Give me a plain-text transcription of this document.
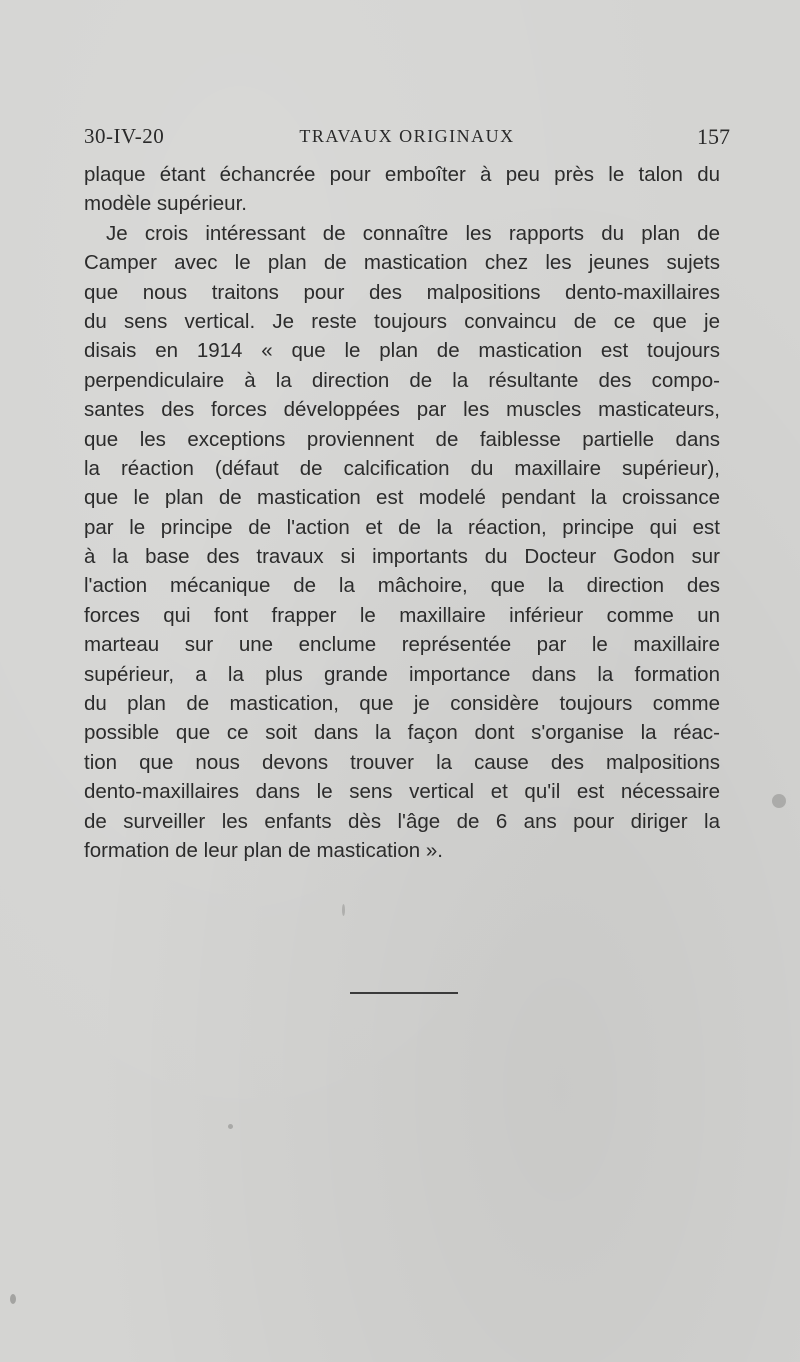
30-IV-20	TRAVAUX ORIGINAUX	157
plaque étant échancrée pour emboîter à peu près le talon du
modèle supérieur.
Je crois intéressant de connaître les rapports du plan de
Camper avec le plan de mastication chez les jeunes sujets
que nous traitons pour des malpositions dento-maxillaires
du sens vertical. Je reste toujours convaincu de ce que je
disais en 1914 « que le plan de mastication est toujours
perpendiculaire à la direction de la résultante des compo-
santes des forces développées par les muscles masticateurs,
que les exceptions proviennent de faiblesse partielle dans
la réaction (défaut de calcification du maxillaire supérieur),
que le plan de mastication est modelé pendant la croissance
par le principe de l'action et de la réaction, principe qui est
à la base des travaux si importants du Docteur Godon sur
l'action mécanique de la mâchoire, que la direction des
forces qui font frapper le maxillaire inférieur comme un
marteau sur une enclume représentée par le maxillaire
supérieur, a la plus grande importance dans la formation
du plan de mastication, que je considère toujours comme
possible que ce soit dans la façon dont s'organise la réac-
tion que nous devons trouver la cause des malpositions
dento-maxillaires dans le sens vertical et qu'il est nécessaire
de surveiller les enfants dès l'âge de 6 ans pour diriger la
formation de leur plan de mastication ».
